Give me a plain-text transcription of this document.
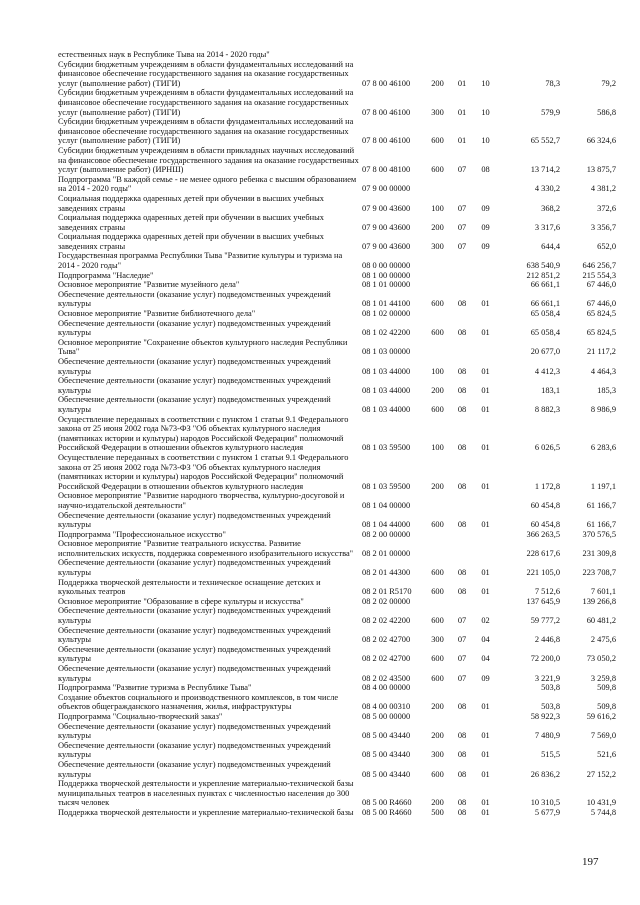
естественных наук в Республике Тыва на 2014 - 2020 годы"
Субсидии бюджетным учреждениям в области фундаментальных исследований на финансовое обеспечение государственного задания на оказание государственных услуг (выполнение работ) (ТИГИ)	07 8 00 46100	200	01	10	78,3	79,2
Субсидии бюджетным учреждениям в области фундаментальных исследований на финансовое обеспечение государственного задания на оказание государственных услуг (выполнение работ) (ТИГИ)	07 8 00 46100	300	01	10	579,9	586,8
Субсидии бюджетным учреждениям в области фундаментальных исследований на финансовое обеспечение государственного задания на оказание государственных услуг (выполнение работ) (ТИГИ)	07 8 00 46100	600	01	10	65 552,7	66 324,6
Субсидии бюджетным учреждениям в области прикладных научных исследований на финансовое обеспечение государственного задания на оказание государственных услуг (выполнение работ) (ИРНШ)	07 8 00 48100	600	07	08	13 714,2	13 875,7
Подпрограмма "В каждой семье - не менее одного ребенка с высшим образованием на 2014 - 2020 годы"	07 9 00 00000	4 330,2	4 381,2
Социальная поддержка одаренных детей при обучении в высших учебных заведениях страны	07 9 00 43600	100	07	09	368,2	372,6
Социальная поддержка одаренных детей при обучении в высших учебных заведениях страны	07 9 00 43600	200	07	09	3 317,6	3 356,7
Социальная поддержка одаренных детей при обучении в высших учебных заведениях страны	07 9 00 43600	300	07	09	644,4	652,0
Государственная программа Республики Тыва "Развитие культуры и туризма на 2014 - 2020 годы"	08 0 00 00000	638 540,9	646 256,7
Подпрограмма "Наследие"	08 1 00 00000	212 851,2	215 554,3
Основное мероприятие "Развитие музейного дела"	08 1 01 00000	66 661,1	67 446,0
Обеспечение деятельности (оказание услуг) подведомственных учреждений культуры	08 1 01 44100	600	08	01	66 661,1	67 446,0
Основное мероприятие "Развитие библиотечного дела"	08 1 02 00000	65 058,4	65 824,5
Обеспечение деятельности (оказание услуг) подведомственных учреждений культуры	08 1 02 42200	600	08	01	65 058,4	65 824,5
Основное мероприятие "Сохранение объектов культурного наследия Республики Тыва"	08 1 03 00000	20 677,0	21 117,2
Обеспечение деятельности (оказание услуг) подведомственных учреждений культуры	08 1 03 44000	100	08	01	4 412,3	4 464,3
Обеспечение деятельности (оказание услуг) подведомственных учреждений культуры	08 1 03 44000	200	08	01	183,1	185,3
Обеспечение деятельности (оказание услуг) подведомственных учреждений культуры	08 1 03 44000	600	08	01	8 882,3	8 986,9
Осуществление переданных в соответствии с пунктом 1 статьи 9.1 Федерального закона от 25 июня 2002 года №73-ФЗ "Об объектах культурного наследия (памятниках истории и культуры) народов Российской Федерации" полномочий Российской Федерации в отношении объектов культурного наследия	08 1 03 59500	100	08	01	6 026,5	6 283,6
Осуществление переданных в соответствии с пунктом 1 статьи 9.1 Федерального закона от 25 июня 2002 года №73-ФЗ "Об объектах культурного наследия (памятниках истории и культуры) народов Российской Федерации" полномочий Российской Федерации в отношении объектов культурного наследия	08 1 03 59500	200	08	01	1 172,8	1 197,1
Основное мероприятие "Развитие народного творчества, культурно-досуговой и научно-издательской деятельности"	08 1 04 00000	60 454,8	61 166,7
Обеспечение деятельности (оказание услуг) подведомственных учреждений культуры	08 1 04 44000	600	08	01	60 454,8	61 166,7
Подпрограмма "Профессиональное искусство"	08 2 00 00000	366 263,5	370 576,5
Основное мероприятие "Развитие театрального искусства. Развитие исполнительских искусств, поддержка современного изобразительного искусства"	08 2 01 00000	228 617,6	231 309,8
Обеспечение деятельности (оказание услуг) подведомственных учреждений культуры	08 2 01 44300	600	08	01	221 105,0	223 708,7
Поддержка творческой деятельности и техническое оснащение детских и кукольных театров	08 2 01 R5170	600	08	01	7 512,6	7 601,1
Основное мероприятие "Образование в сфере культуры и искусства"	08 2 02 00000	137 645,9	139 266,8
Обеспечение деятельности (оказание услуг) подведомственных учреждений культуры	08 2 02 42200	600	07	02	59 777,2	60 481,2
Обеспечение деятельности (оказание услуг) подведомственных учреждений культуры	08 2 02 42700	300	07	04	2 446,8	2 475,6
Обеспечение деятельности (оказание услуг) подведомственных учреждений культуры	08 2 02 42700	600	07	04	72 200,0	73 050,2
Обеспечение деятельности (оказание услуг) подведомственных учреждений культуры	08 2 02 43500	600	07	09	3 221,9	3 259,8
Подпрограмма "Развитие туризма в Республике Тыва"	08 4 00 00000	503,8	509,8
Создание объектов социального и производственного комплексов, в том числе объектов общегражданского назначения, жилья, инфраструктуры	08 4 00 00310	200	08	01	503,8	509,8
Подпрограмма "Социально-творческий заказ"	08 5 00 00000	58 922,3	59 616,2
Обеспечение деятельности (оказание услуг) подведомственных учреждений культуры	08 5 00 43440	200	08	01	7 480,9	7 569,0
Обеспечение деятельности (оказание услуг) подведомственных учреждений культуры	08 5 00 43440	300	08	01	515,5	521,6
Обеспечение деятельности (оказание услуг) подведомственных учреждений культуры	08 5 00 43440	600	08	01	26 836,2	27 152,2
Поддержка творческой деятельности и укрепление материально-технической базы муниципальных театров в населенных пунктах с численностью населения до 300 тысяч человек	08 5 00 R4660	200	08	01	10 310,5	10 431,9
Поддержка творческой деятельности и укрепление материально-технической базы	08 5 00 R4660	500	08	01	5 677,9	5 744,8
197
